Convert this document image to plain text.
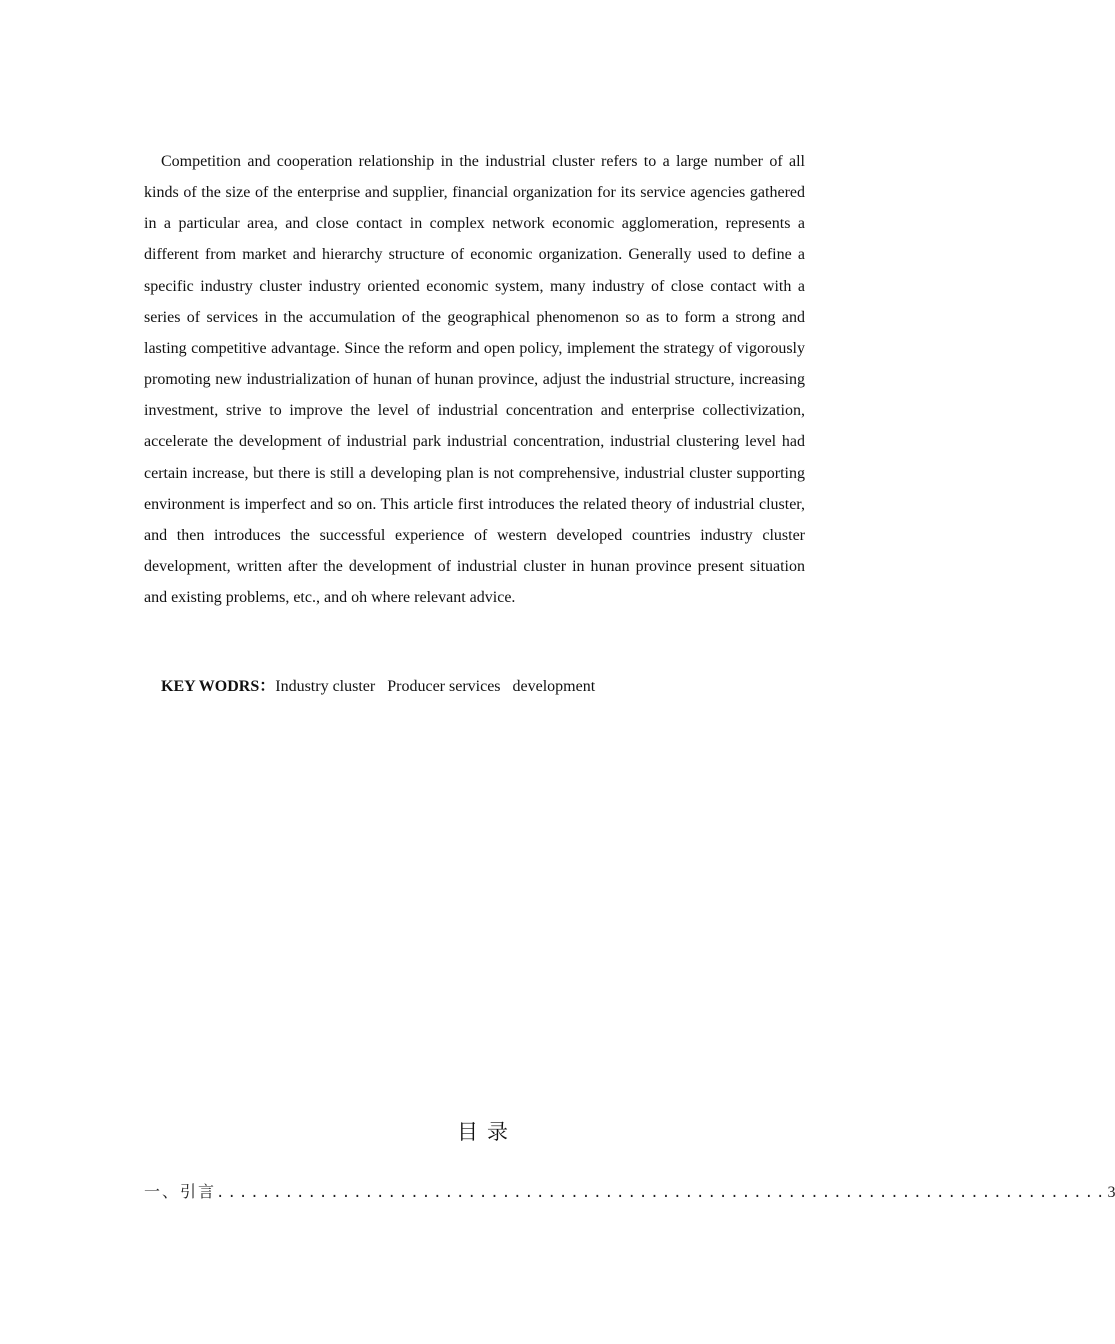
Competition and cooperation relationship in the industrial cluster refers to a large number of all kinds of the size of the enterprise and supplier, financial organization for its service agencies gathered in a particular area, and close contact in complex network economic agglomeration, represents a different from market and hierarchy structure of economic organization. Generally used to define a specific industry cluster industry oriented economic system, many industry of close contact with a series of services in the accumulation of the geographical phenomenon so as to form a strong and lasting competitive advantage. Since the reform and open policy, implement the strategy of vigorously promoting new industrialization of hunan of hunan province, adjust the industrial structure, increasing investment, strive to improve the level of industrial concentration and enterprise collectivization, accelerate the development of industrial park industrial concentration, industrial clustering level had certain increase, but there is still a developing plan is not comprehensive, industrial cluster supporting environment is imperfect and so on. This article first introduces the related theory of industrial cluster, and then introduces the successful experience of western developed countries industry cluster development, written after the development of industrial cluster in hunan province present situation and existing problems, etc., and oh where relevant advice.

KEY WODRS：Industry cluster Producer services development
目录
一、引言 .............................................................................. 3
